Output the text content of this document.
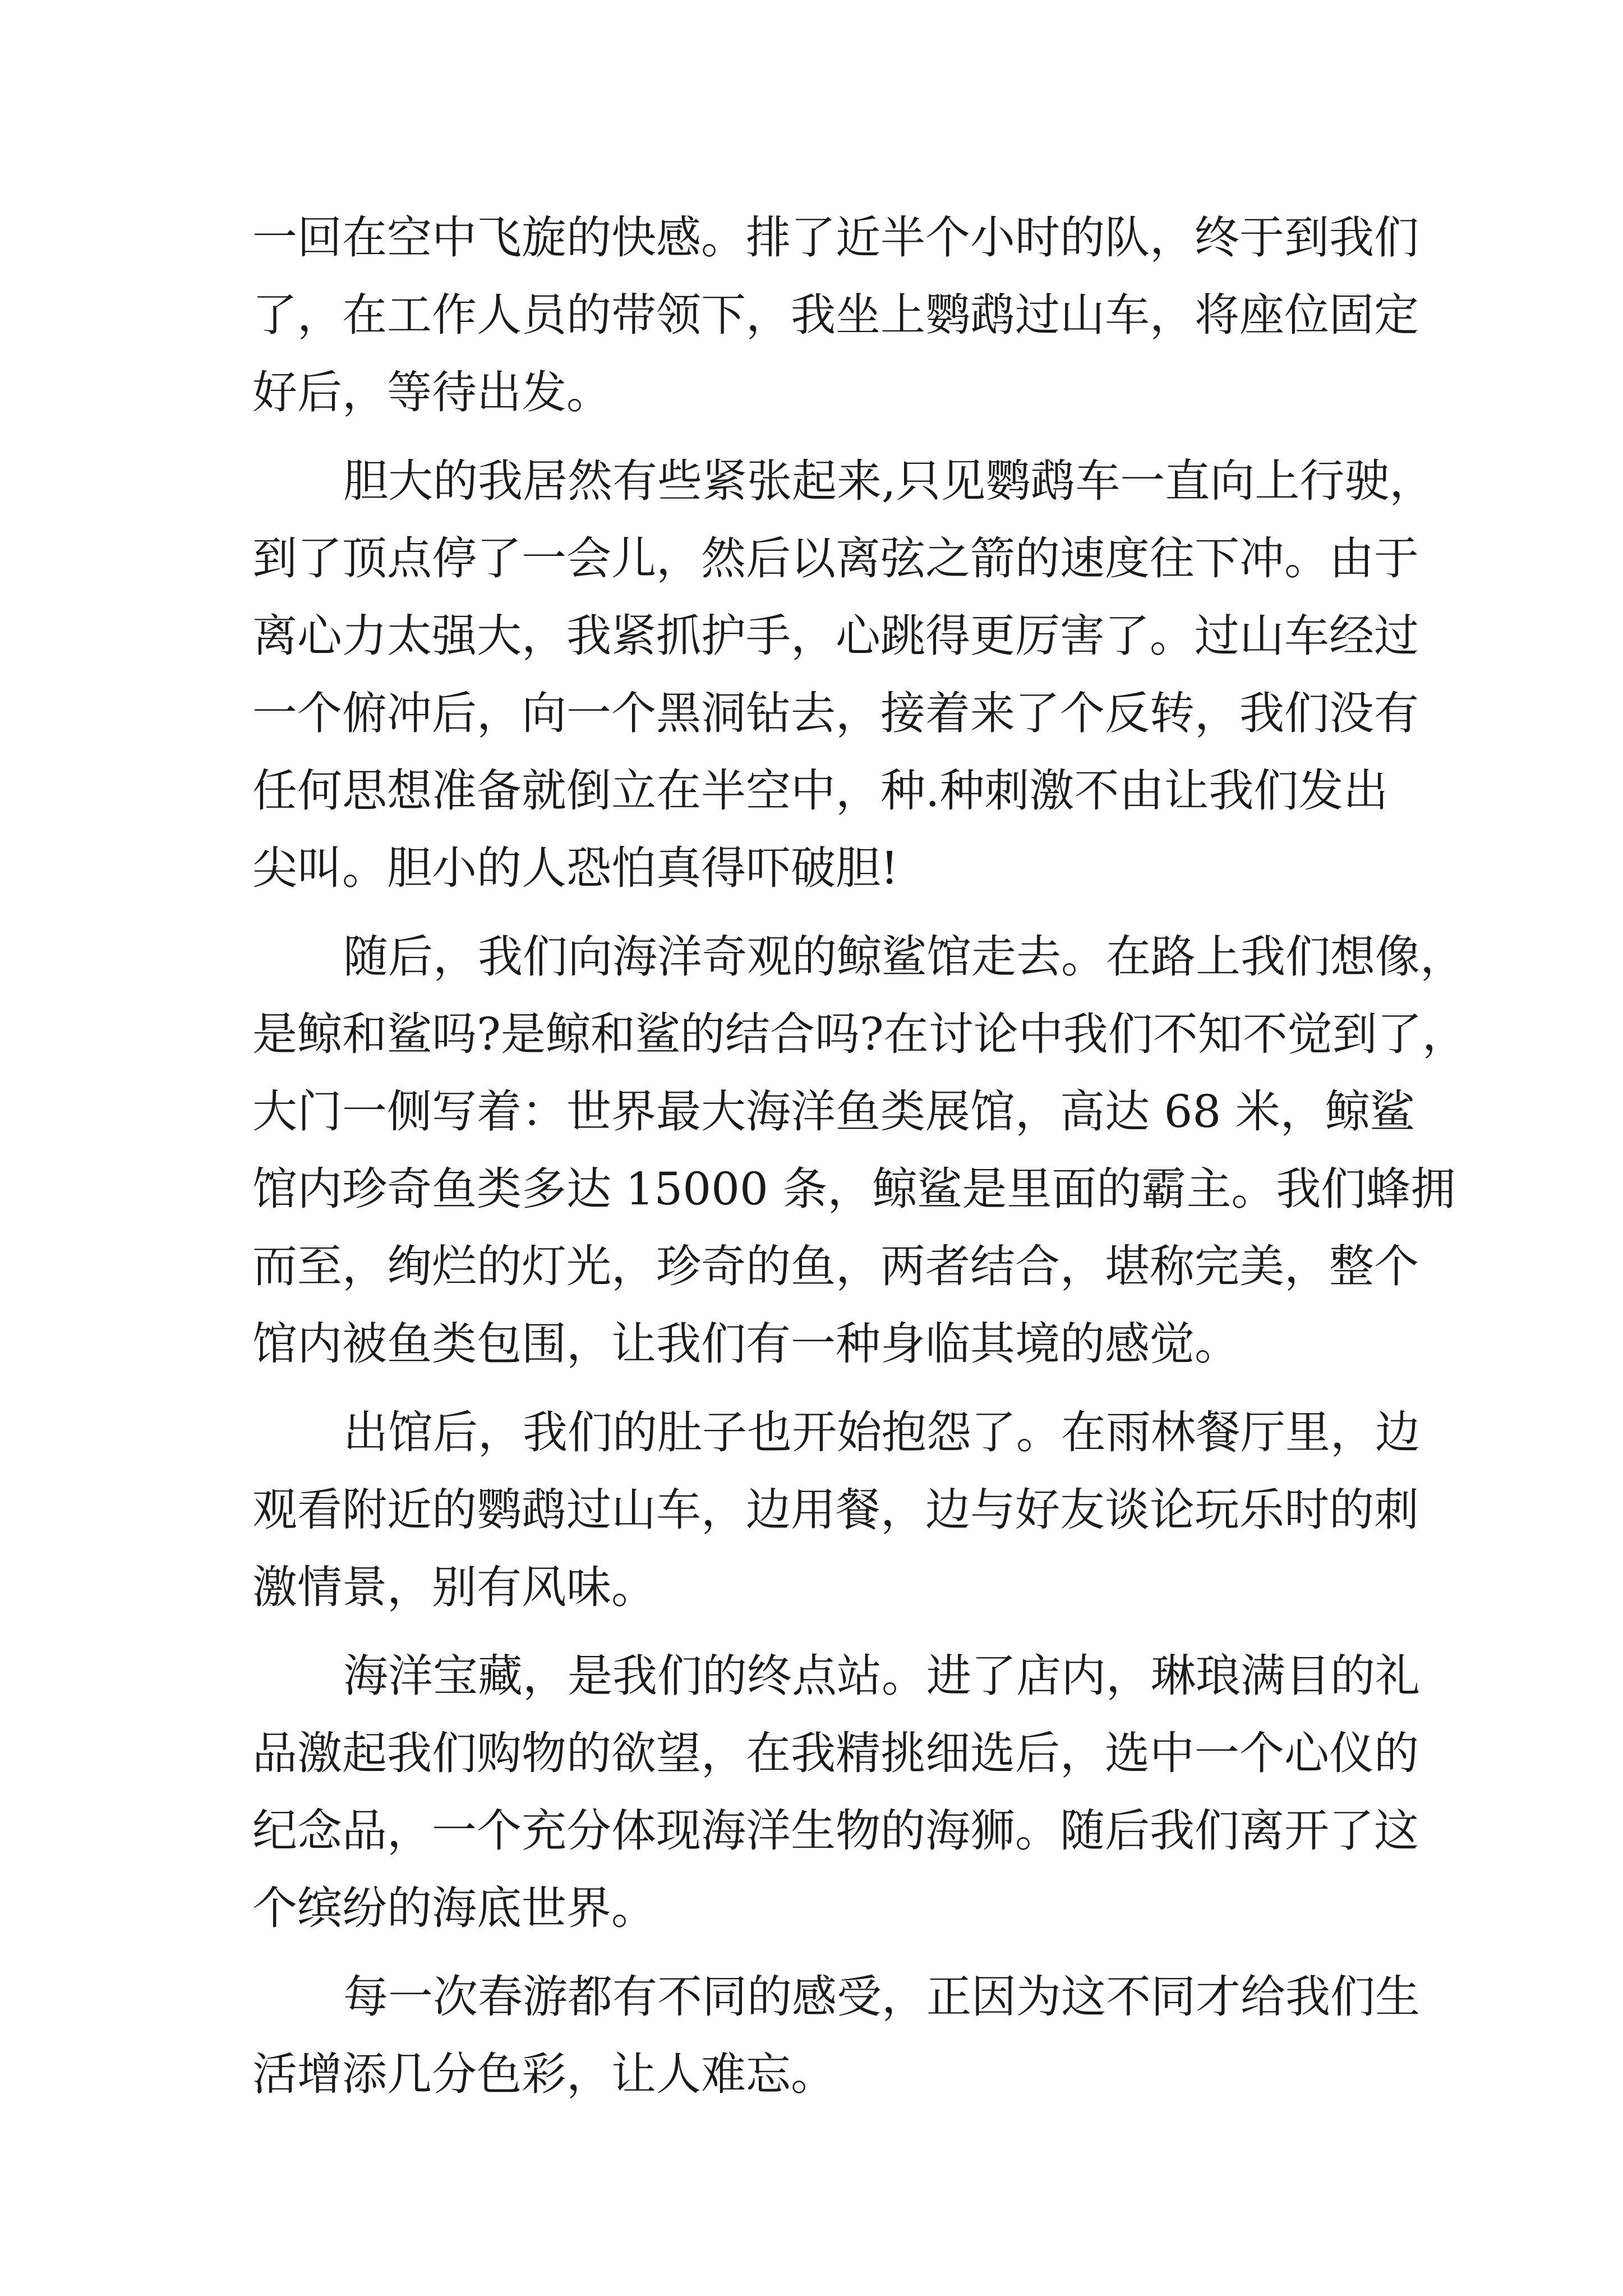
一回在空中飞旋的快感。排了近半个小时的队，终于到我们
了，在工作人员的带领下，我坐上鹦鹉过山车，将座位固定
好后，等待出发。
胆大的我居然有些紧张起来,只见鹦鹉车一直向上行驶，
到了顶点停了一会儿，然后以离弦之箭的速度往下冲。由于
离心力太强大，我紧抓护手，心跳得更厉害了。过山车经过
一个俯冲后，向一个黑洞钻去，接着来了个反转，我们没有
任何思想准备就倒立在半空中，种.种刺激不由让我们发出
尖叫。胆小的人恐怕真得吓破胆!
随后，我们向海洋奇观的鲸鲨馆走去。在路上我们想像，
是鲸和鲨吗?是鲸和鲨的结合吗?在讨论中我们不知不觉到了，
大门一侧写着：世界最大海洋鱼类展馆，高达 68 米，鲸鲨
馆内珍奇鱼类多达 15000 条，鲸鲨是里面的霸主。我们蜂拥
而至，绚烂的灯光，珍奇的鱼，两者结合，堪称完美，整个
馆内被鱼类包围，让我们有一种身临其境的感觉。
出馆后，我们的肚子也开始抱怨了。在雨林餐厅里，边
观看附近的鹦鹉过山车，边用餐，边与好友谈论玩乐时的刺
激情景，别有风味。
海洋宝藏，是我们的终点站。进了店内，琳琅满目的礼
品激起我们购物的欲望，在我精挑细选后，选中一个心仪的
纪念品，一个充分体现海洋生物的海狮。随后我们离开了这
个缤纷的海底世界。
每一次春游都有不同的感受，正因为这不同才给我们生
活增添几分色彩，让人难忘。
